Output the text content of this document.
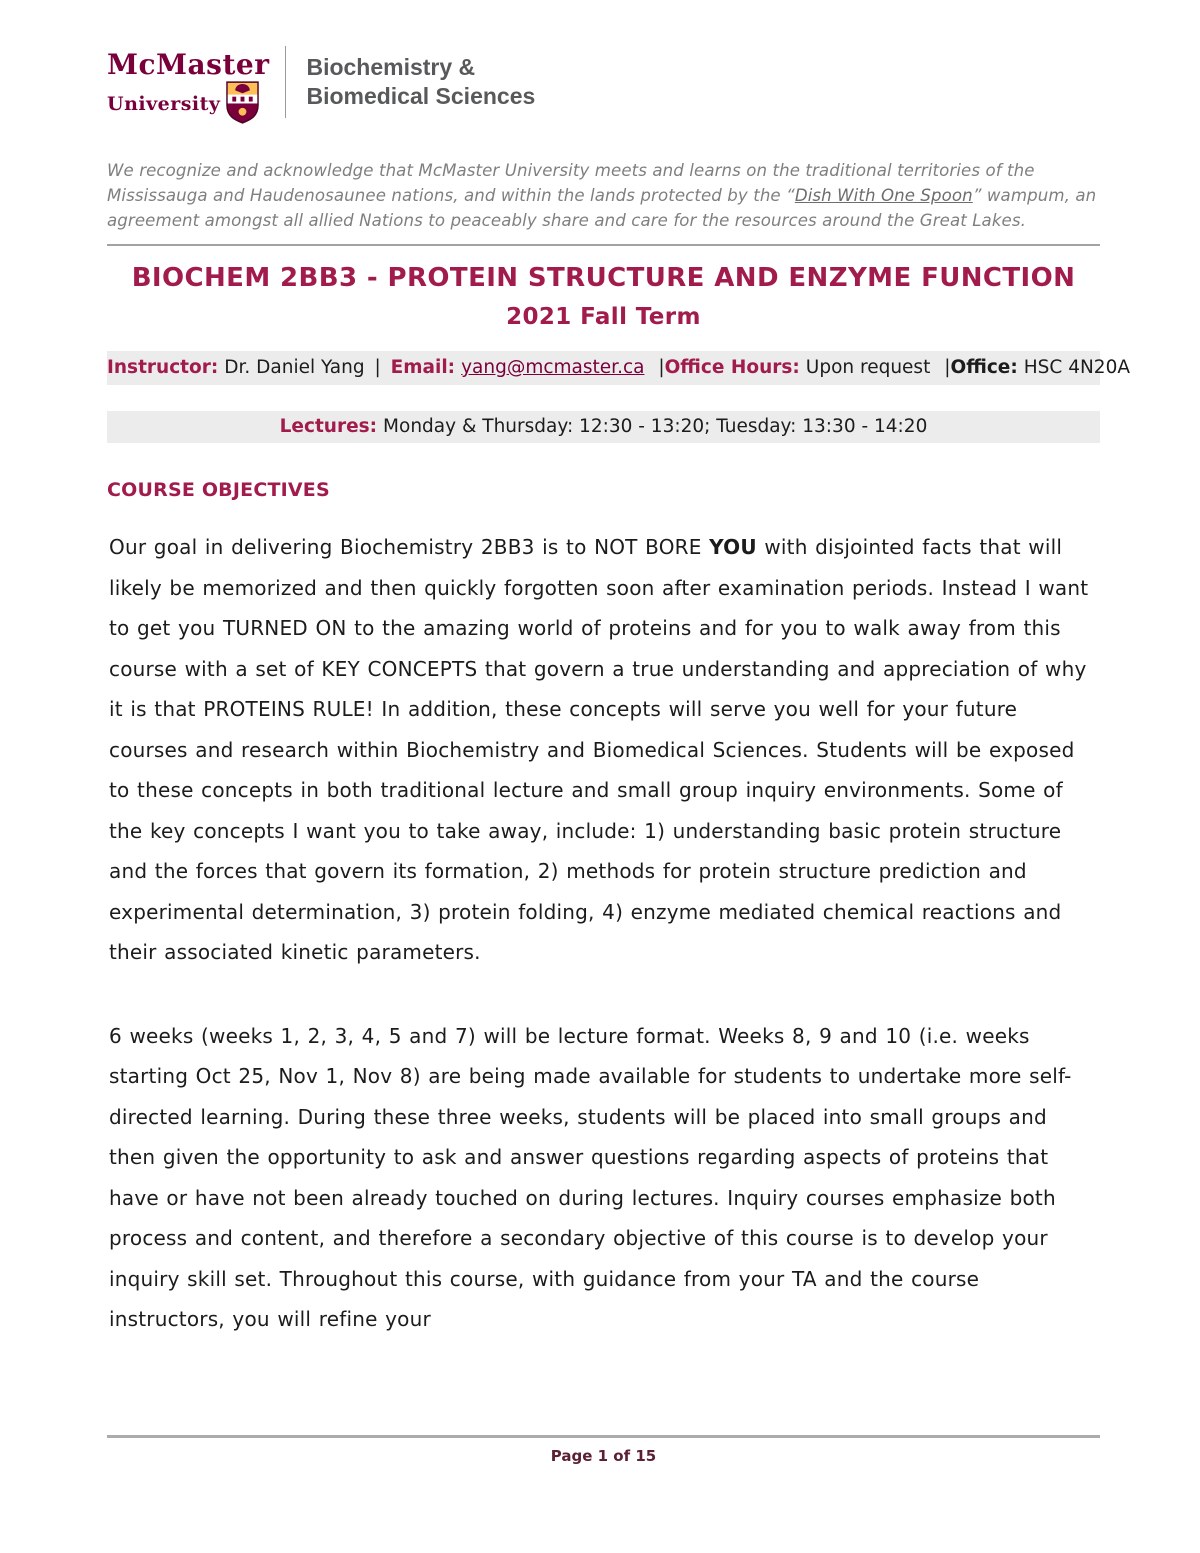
McMaster
University
Biochemistry &
Biomedical Sciences

We recognize and acknowledge that McMaster University meets and learns on the traditional territories of the Mississauga and Haudenosaunee nations, and within the lands protected by the “Dish With One Spoon” wampum, an agreement amongst all allied Nations to peaceably share and care for the resources around the Great Lakes.

BIOCHEM 2BB3 - PROTEIN STRUCTURE AND ENZYME FUNCTION
2021 Fall Term
Instructor: Dr. Daniel Yang | Email: yang@mcmaster.ca |Office Hours: Upon request |Office: HSC 4N20A
Lectures: Monday & Thursday: 12:30 - 13:20; Tuesday: 13:30 - 14:20
COURSE OBJECTIVES

Our goal in delivering Biochemistry 2BB3 is to NOT BORE YOU with disjointed facts that will likely be memorized and then quickly forgotten soon after examination periods. Instead I want to get you TURNED ON to the amazing world of proteins and for you to walk away from this course with a set of KEY CONCEPTS that govern a true understanding and appreciation of why it is that PROTEINS RULE! In addition, these concepts will serve you well for your future courses and research within Biochemistry and Biomedical Sciences. Students will be exposed to these concepts in both traditional lecture and small group inquiry environments. Some of the key concepts I want you to take away, include: 1) understanding basic protein structure and the forces that govern its formation, 2) methods for protein structure prediction and experimental determination, 3) protein folding, 4) enzyme mediated chemical reactions and their associated kinetic parameters.

6 weeks (weeks 1, 2, 3, 4, 5 and 7) will be lecture format. Weeks 8, 9 and 10 (i.e. weeks starting Oct 25, Nov 1, Nov 8) are being made available for students to undertake more self-directed learning. During these three weeks, students will be placed into small groups and then given the opportunity to ask and answer questions regarding aspects of proteins that have or have not been already touched on during lectures. Inquiry courses emphasize both process and content, and therefore a secondary objective of this course is to develop your inquiry skill set. Throughout this course, with guidance from your TA and the course instructors, you will refine your

Page 1 of 15
